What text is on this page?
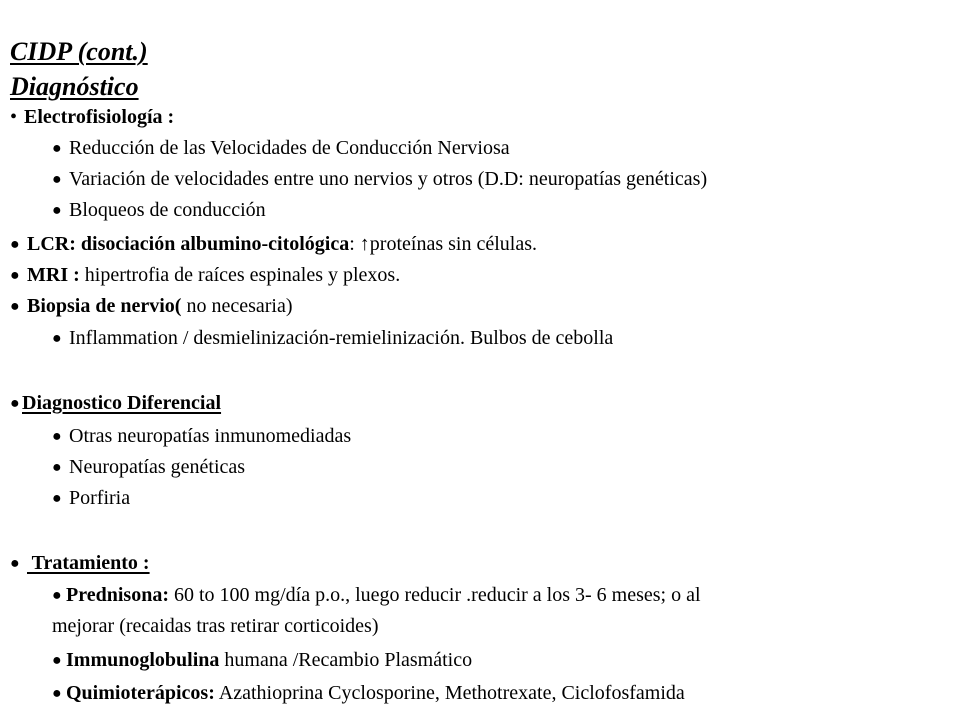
CIDP (cont.)
Diagnóstico
• Electrofisiología :
● Reducción de las Velocidades de Conducción Nerviosa
● Variación de velocidades entre uno nervios y otros (D.D: neuropatías genéticas)
● Bloqueos de conducción
● LCR: disociación albumino-citológica: ↑proteínas sin células.
● MRI : hipertrofia de raíces espinales y plexos.
● Biopsia de nervio( no necesaria)
● Inflammation / desmielinización-remielinización. Bulbos de cebolla
● Diagnostico Diferencial
● Otras neuropatías inmunomediadas
● Neuropatías genéticas
● Porfiria
● Tratamiento :
● Prednisona: 60 to 100 mg/día p.o., luego reducir .reducir a los 3- 6 meses; o al
mejorar (recaidas tras retirar corticoides)
● Immunoglobulina humana /Recambio Plasmático
● Quimioterápicos: Azathioprina Cyclosporine, Methotrexate, Ciclofosfamida
